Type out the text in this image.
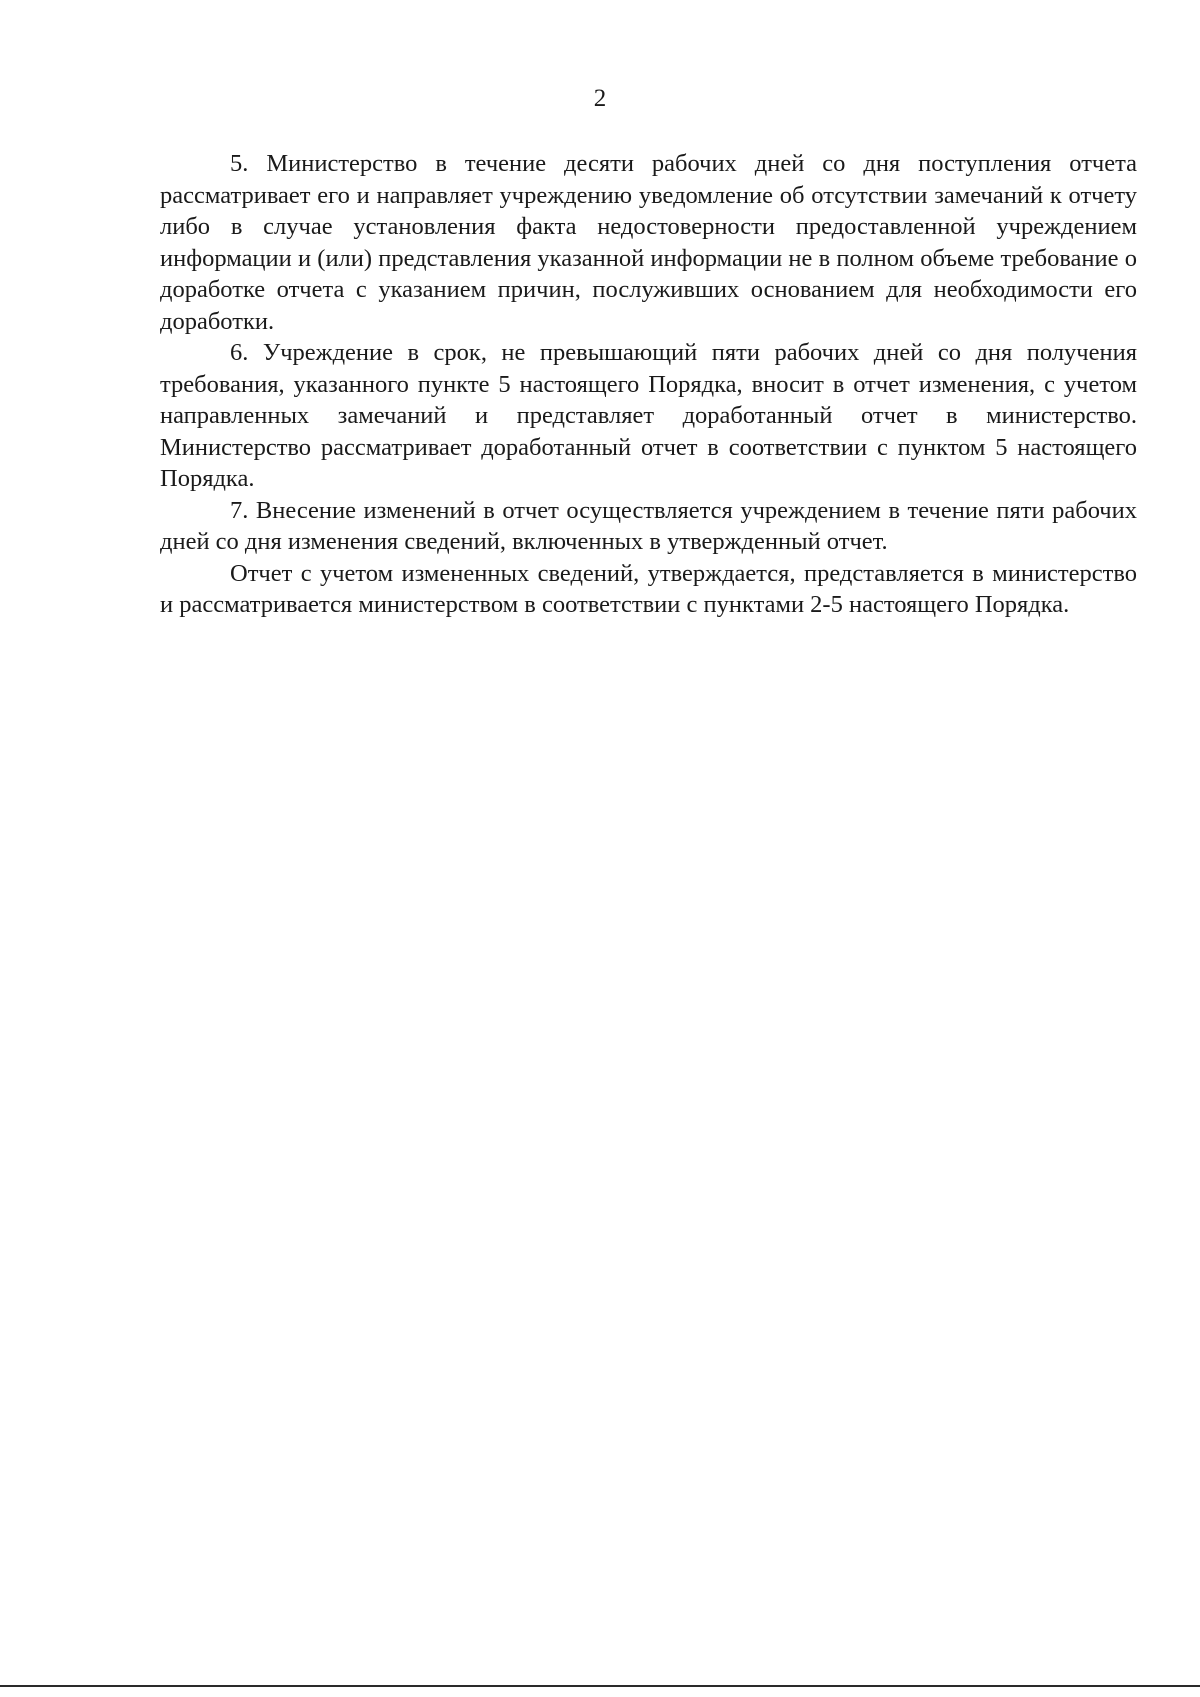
2

5. Министерство в течение десяти рабочих дней со дня поступления отчета рассматривает его и направляет учреждению уведомление об отсутствии замечаний к отчету либо в случае установления факта недостоверности предоставленной учреждением информации и (или) представления указанной информации не в полном объеме требование о доработке отчета с указанием причин, послуживших основанием для необходимости его доработки.

6. Учреждение в срок, не превышающий пяти рабочих дней со дня получения требования, указанного пункте 5 настоящего Порядка, вносит в отчет изменения, с учетом направленных замечаний и представляет доработанный отчет в министерство. Министерство рассматривает доработанный отчет в соответствии с пунктом 5 настоящего Порядка.

7. Внесение изменений в отчет осуществляется учреждением в течение пяти рабочих дней со дня изменения сведений, включенных в утвержденный отчет.

Отчет с учетом измененных сведений, утверждается, представляется в министерство и рассматривается министерством в соответствии с пунктами 2-5 настоящего Порядка.
